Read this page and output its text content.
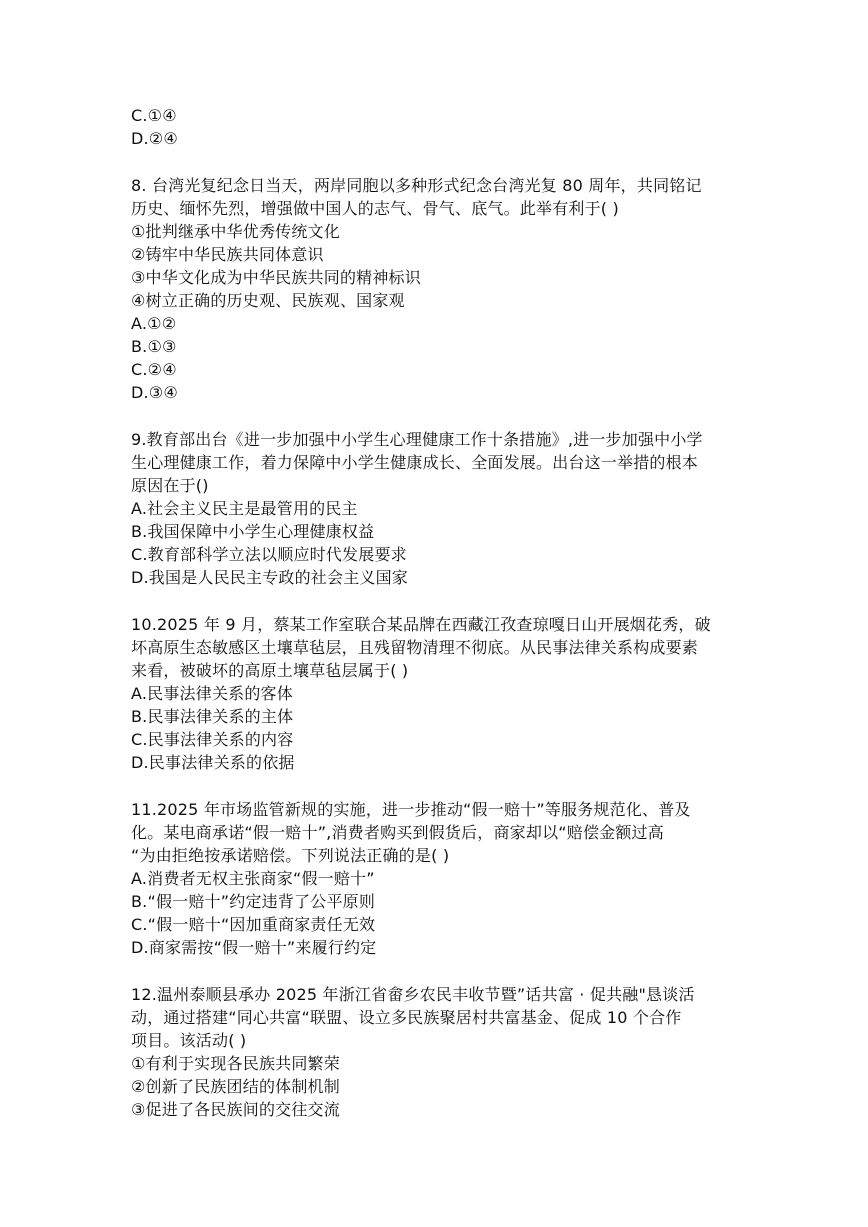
C.①④
D.②④
8. 台湾光复纪念日当天，两岸同胞以多种形式纪念台湾光复 80 周年，共同铭记
历史、缅怀先烈，增强做中国人的志气、骨气、底气。此举有利于( )
①批判继承中华优秀传统文化
②铸牢中华民族共同体意识
③中华文化成为中华民族共同的精神标识
④树立正确的历史观、民族观、国家观
A.①②
B.①③
C.②④
D.③④
9.教育部出台《进一步加强中小学生心理健康工作十条措施》,进一步加强中小学
生心理健康工作，着力保障中小学生健康成长、全面发展。出台这一举措的根本
原因在于()
A.社会主义民主是最管用的民主
B.我国保障中小学生心理健康权益
C.教育部科学立法以顺应时代发展要求
D.我国是人民民主专政的社会主义国家
10.2025 年 9 月，蔡某工作室联合某品牌在西藏江孜查琼嘎日山开展烟花秀，破
坏高原生态敏感区土壤草毡层，且残留物清理不彻底。从民事法律关系构成要素
来看，被破坏的高原土壤草毡层属于( )
A.民事法律关系的客体
B.民事法律关系的主体
C.民事法律关系的内容
D.民事法律关系的依据
11.2025 年市场监管新规的实施，进一步推动“假一赔十”等服务规范化、普及
化。某电商承诺“假一赔十”,消费者购买到假货后，商家却以“赔偿金额过高
“为由拒绝按承诺赔偿。下列说法正确的是( )
A.消费者无权主张商家“假一赔十”
B.“假一赔十”约定违背了公平原则
C.“假一赔十“因加重商家责任无效
D.商家需按“假一赔十”来履行约定
12.温州泰顺县承办 2025 年浙江省畲乡农民丰收节暨”话共富 · 促共融"恳谈活
动，通过搭建“同心共富“联盟、设立多民族聚居村共富基金、促成 10 个合作
项目。该活动( )
①有利于实现各民族共同繁荣
②创新了民族团结的体制机制
③促进了各民族间的交往交流
